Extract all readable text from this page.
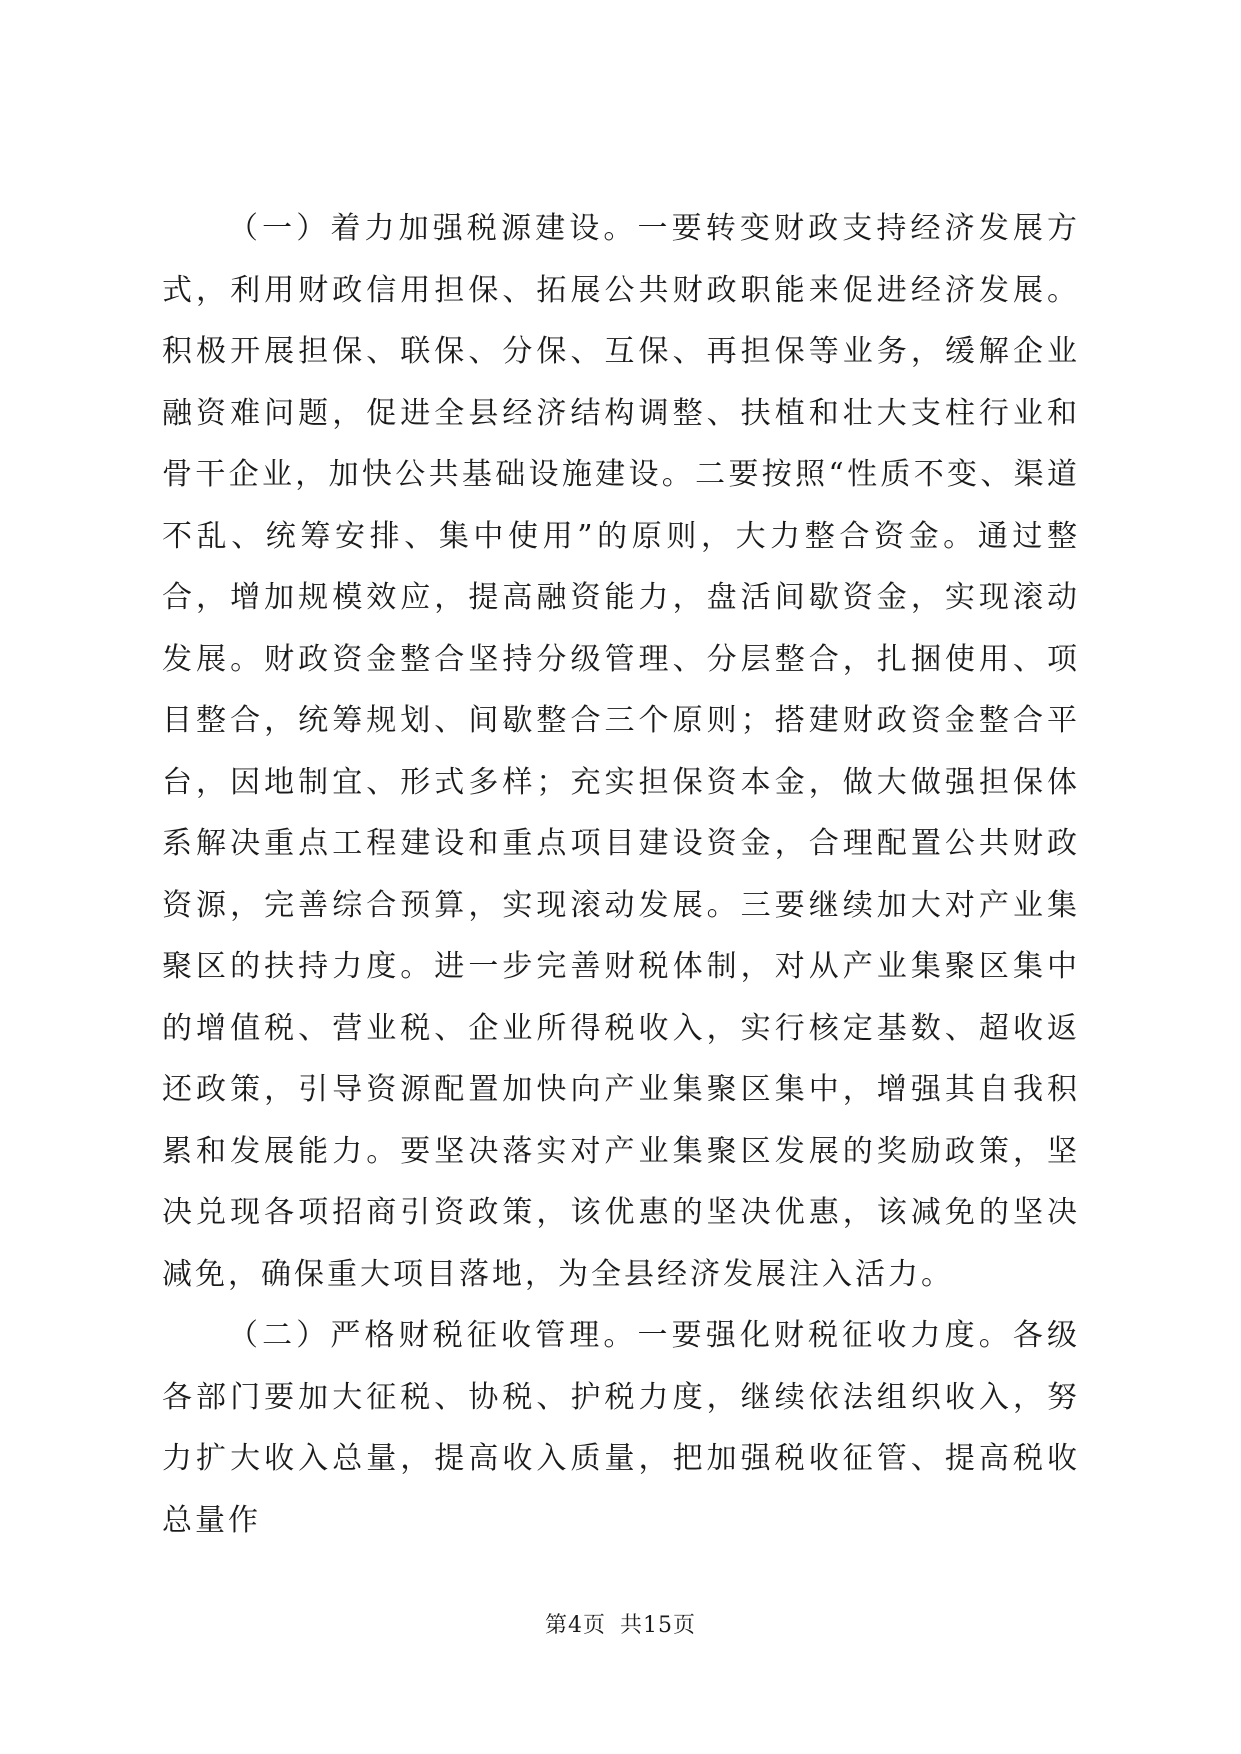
（一）着力加强税源建设。一要转变财政支持经济发展方式，利用财政信用担保、拓展公共财政职能来促进经济发展。积极开展担保、联保、分保、互保、再担保等业务，缓解企业融资难问题，促进全县经济结构调整、扶植和壮大支柱行业和骨干企业，加快公共基础设施建设。二要按照“性质不变、渠道不乱、统筹安排、集中使用”的原则，大力整合资金。通过整合，增加规模效应，提高融资能力，盘活间歇资金，实现滚动发展。财政资金整合坚持分级管理、分层整合，扎捆使用、项目整合，统筹规划、间歇整合三个原则；搭建财政资金整合平台，因地制宜、形式多样；充实担保资本金，做大做强担保体系解决重点工程建设和重点项目建设资金，合理配置公共财政资源，完善综合预算，实现滚动发展。三要继续加大对产业集聚区的扶持力度。进一步完善财税体制，对从产业集聚区集中的增值税、营业税、企业所得税收入，实行核定基数、超收返还政策，引导资源配置加快向产业集聚区集中，增强其自我积累和发展能力。要坚决落实对产业集聚区发展的奖励政策，坚决兑现各项招商引资政策，该优惠的坚决优惠，该减免的坚决减免，确保重大项目落地，为全县经济发展注入活力。

（二）严格财税征收管理。一要强化财税征收力度。各级各部门要加大征税、协税、护税力度，继续依法组织收入，努力扩大收入总量，提高收入质量，把加强税收征管、提高税收总量作

第4页 共15页
